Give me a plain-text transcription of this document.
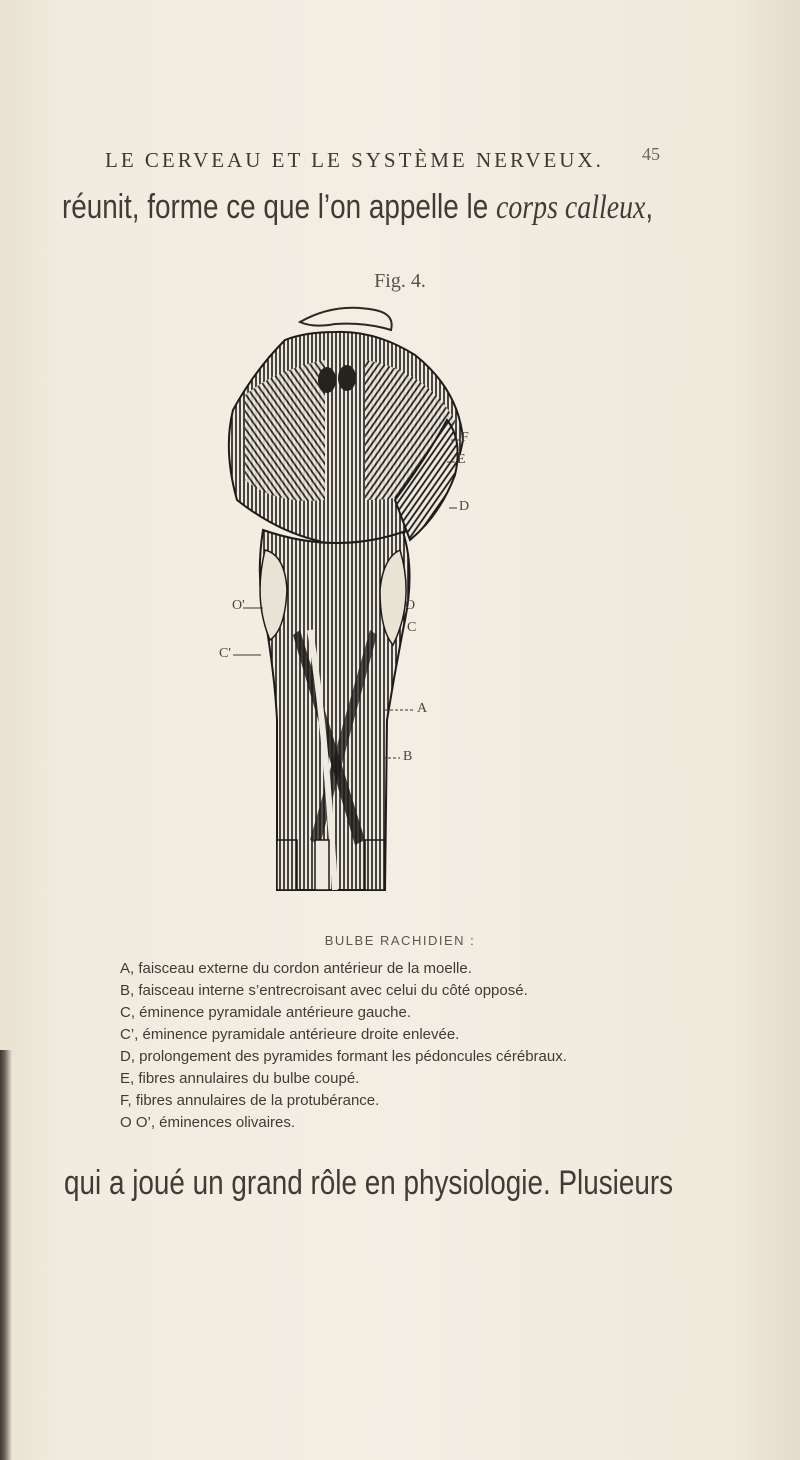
LE CERVEAU ET LE SYSTÈME NERVEUX. 45
réunit, forme ce que l’on appelle le corps calleux,
Fig. 4.
F
E
D
O'	O
C
C'
A
B
BULBE RACHIDIEN :
A, faisceau externe du cordon antérieur de la moelle.
B, faisceau interne s’entrecroisant avec celui du côté opposé.
C, éminence pyramidale antérieure gauche.
C’, éminence pyramidale antérieure droite enlevée.
D, prolongement des pyramides formant les pédoncules cérébraux.
E, fibres annulaires du bulbe coupé.
F, fibres annulaires de la protubérance.
O O’, éminences olivaires.
qui a joué un grand rôle en physiologie. Plusieurs
